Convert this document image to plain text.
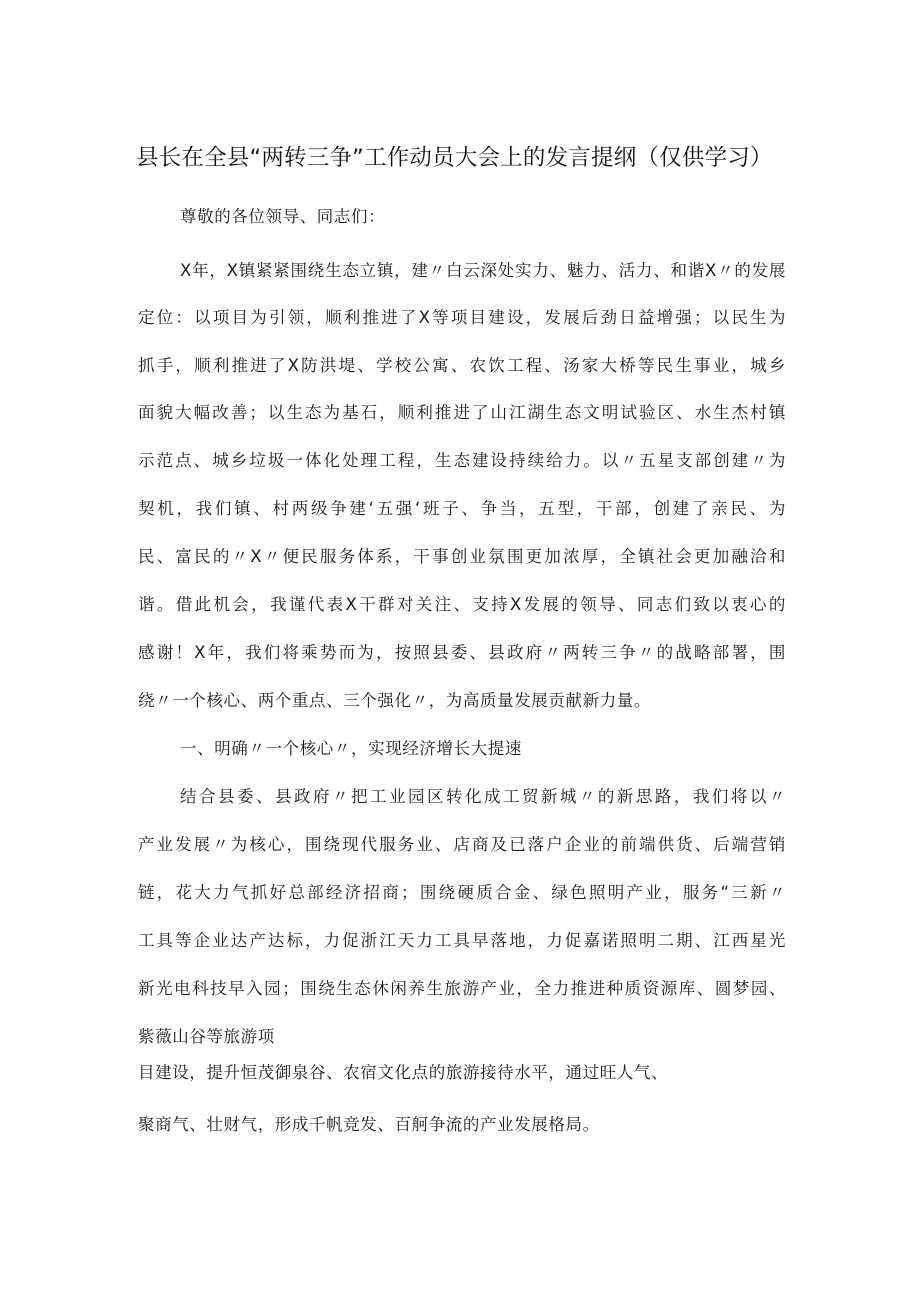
县长在全县“两转三争”工作动员大会上的发言提纲（仅供学习）
尊敬的各位领导、同志们：
X年，X镇紧紧围绕生态立镇，建〃白云深处实力、魅力、活力、和谐X〃的发展
定位：以项目为引领，顺利推进了X等项目建设，发展后劲日益增强；以民生为
抓手，顺利推进了X防洪堤、学校公寓、农饮工程、汤家大桥等民生事业，城乡
面貌大幅改善；以生态为基石，顺利推进了山江湖生态文明试验区、水生杰村镇
示范点、城乡垃圾一体化处理工程，生态建设持续给力。以〃五星支部创建〃为
契机，我们镇、村两级争建‘五强‘班子、争当，五型，干部，创建了亲民、为
民、富民的〃X〃便民服务体系，干事创业氛围更加浓厚，全镇社会更加融洽和
谐。借此机会，我谨代表X干群对关注、支持X发展的领导、同志们致以衷心的
感谢！X年，我们将乘势而为，按照县委、县政府〃两转三争〃的战略部署，围
绕〃一个核心、两个重点、三个强化〃，为高质量发展贡献新力量。
一、明确〃一个核心〃，实现经济增长大提速
结合县委、县政府〃把工业园区转化成工贸新城〃的新思路，我们将以〃
产业发展〃为核心，围绕现代服务业、店商及已落户企业的前端供货、后端营销
链，花大力气抓好总部经济招商；围绕硬质合金、绿色照明产业，服务“三新〃
工具等企业达产达标，力促浙江天力工具早落地，力促嘉诺照明二期、江西星光
新光电科技早入园；围绕生态休闲养生旅游产业，全力推进种质资源库、圆梦园、
紫薇山谷等旅游项
目建设，提升恒茂御泉谷、农宿文化点的旅游接待水平，通过旺人气、
聚商气、壮财气，形成千帆竞发、百舸争流的产业发展格局。
